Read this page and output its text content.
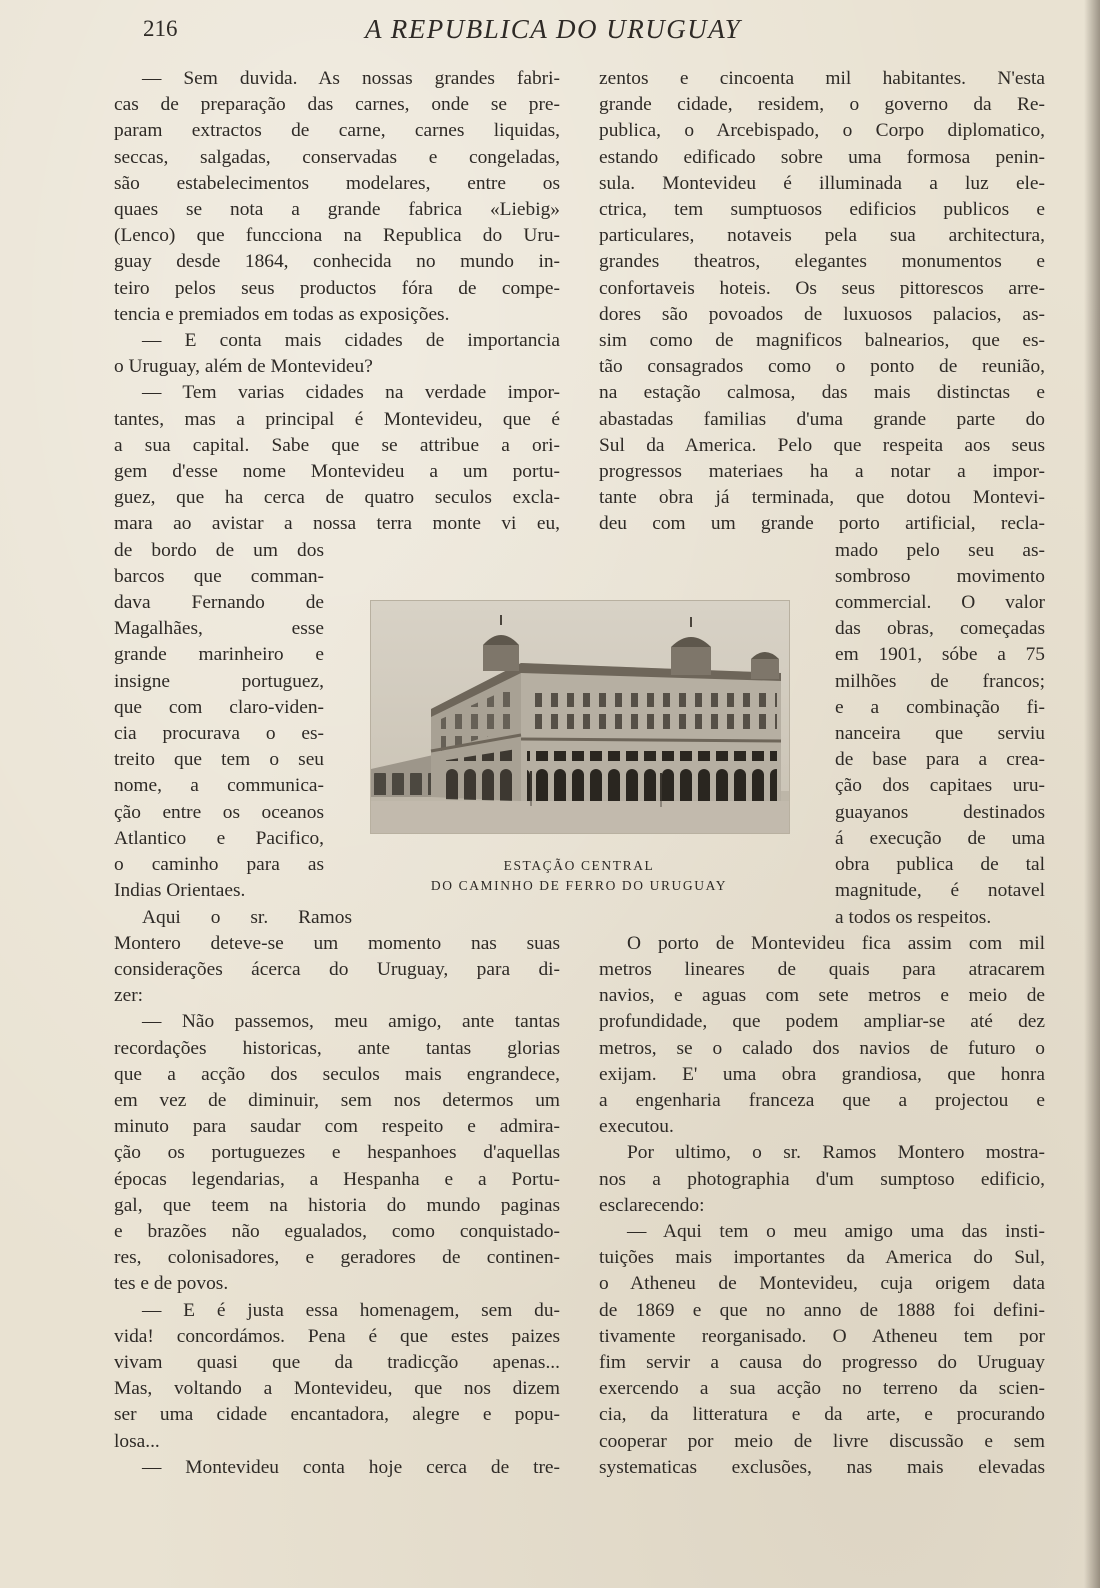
216	A REPUBLICA DO URUGUAY
— Sem duvida. As nossas grandes fabri-
cas de preparação das carnes, onde se pre-
param extractos de carne, carnes liquidas,
seccas, salgadas, conservadas e congeladas,
são estabelecimentos modelares, entre os
quaes se nota a grande fabrica «Liebig»
(Lenco) que funcciona na Republica do Uru-
guay desde 1864, conhecida no mundo in-
teiro pelos seus productos fóra de compe-
tencia e premiados em todas as exposições.
— E conta mais cidades de importancia
o Uruguay, além de Montevideu?
— Tem varias cidades na verdade impor-
tantes, mas a principal é Montevideu, que é
a sua capital. Sabe que se attribue a ori-
gem d'esse nome Montevideu a um portu-
guez, que ha cerca de quatro seculos excla-
mara ao avistar a nossa terra monte vi eu,
de bordo de um dos
barcos que comman-
dava Fernando de
Magalhães, esse
grande marinheiro e
insigne portuguez,
que com claro-viden-
cia procurava o es-
treito que tem o seu
nome, a communica-
ção entre os oceanos
Atlantico e Pacifico,
o caminho para as
Indias Orientaes.
Aqui o sr. Ramos
Montero deteve-se um momento nas suas
considerações ácerca do Uruguay, para di-
zer:
— Não passemos, meu amigo, ante tantas
recordações historicas, ante tantas glorias
que a acção dos seculos mais engrandece,
em vez de diminuir, sem nos determos um
minuto para saudar com respeito e admira-
ção os portuguezes e hespanhoes d'aquellas
épocas legendarias, a Hespanha e a Portu-
gal, que teem na historia do mundo paginas
e brazões não egualados, como conquistado-
res, colonisadores, e geradores de continen-
tes e de povos.
— E é justa essa homenagem, sem du-
vida! concordámos. Pena é que estes paizes
vivam quasi que da tradicção apenas...
Mas, voltando a Montevideu, que nos dizem
ser uma cidade encantadora, alegre e popu-
losa...
— Montevideu conta hoje cerca de tre-
zentos e cincoenta mil habitantes. N'esta
grande cidade, residem, o governo da Re-
publica, o Arcebispado, o Corpo diplomatico,
estando edificado sobre uma formosa penin-
sula. Montevideu é illuminada a luz ele-
ctrica, tem sumptuosos edificios publicos e
particulares, notaveis pela sua architectura,
grandes theatros, elegantes monumentos e
confortaveis hoteis. Os seus pittorescos arre-
dores são povoados de luxuosos palacios, as-
sim como de magnificos balnearios, que es-
tão consagrados como o ponto de reunião,
na estação calmosa, das mais distinctas e
abastadas familias d'uma grande parte do
Sul da America. Pelo que respeita aos seus
progressos materiaes ha a notar a impor-
tante obra já terminada, que dotou Montevi-
deu com um grande porto artificial, recla-
mado pelo seu as-
sombroso movimento
commercial. O valor
das obras, começadas
em 1901, sóbe a 75
milhões de francos;
e a combinação fi-
nanceira que serviu
de base para a crea-
ção dos capitaes uru-
guayanos destinados
á execução de uma
obra publica de tal
magnitude, é notavel
a todos os respeitos.
O porto de Montevideu fica assim com mil
metros lineares de quais para atracarem
navios, e aguas com sete metros e meio de
profundidade, que podem ampliar-se até dez
metros, se o calado dos navios de futuro o
exijam. E' uma obra grandiosa, que honra
a engenharia franceza que a projectou e
executou.
Por ultimo, o sr. Ramos Montero mostra-
nos a photographia d'um sumptoso edificio,
esclarecendo:
— Aqui tem o meu amigo uma das insti-
tuições mais importantes da America do Sul,
o Atheneu de Montevideu, cuja origem data
de 1869 e que no anno de 1888 foi defini-
tivamente reorganisado. O Atheneu tem por
fim servir a causa do progresso do Uruguay
exercendo a sua acção no terreno da scien-
cia, da litteratura e da arte, e procurando
cooperar por meio de livre discussão e sem
systematicas exclusões, nas mais elevadas
ESTAÇÃO CENTRAL
DO CAMINHO DE FERRO DO URUGUAY
